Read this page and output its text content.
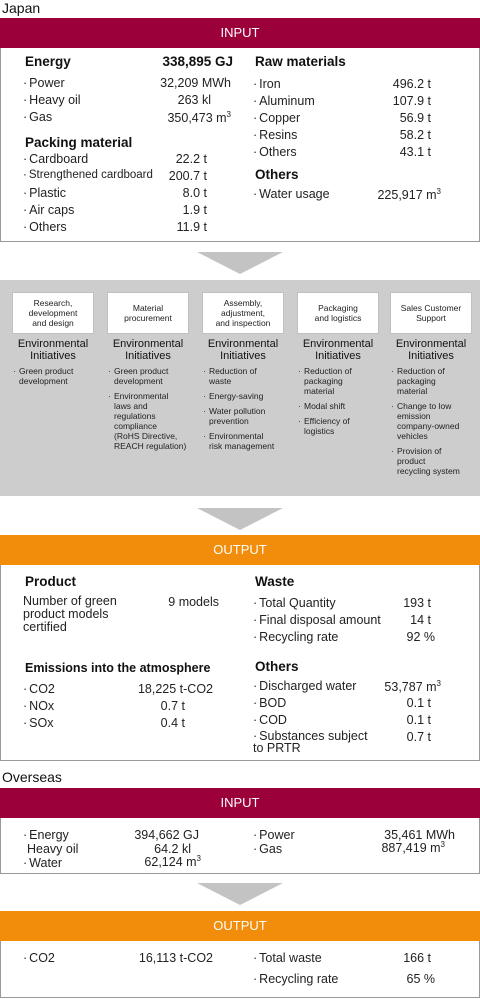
Japan
INPUT
Energy	338,895 GJ
· Power	32,209 MWh
· Heavy oil	263 kl
· Gas	350,473 $m^3$
Packing material
· Cardboard	22.2 t
· Strengthened cardboard	200.7 t
· Plastic	8.0 t
· Air caps	1.9 t
· Others	11.9 t
Raw materials
· Iron	496.2 t
· Aluminum	107.9 t
· Copper	56.9 t
· Resins	58.2 t
· Others	43.1 t
Others
· Water usage	225,917 $m^3$
Research,
development
and design
Environmental
Initiatives
· Green product
development
Material
procurement
Environmental
Initiatives
· Green product
development
· Environmental
laws and
regulations
compliance
(RoHS Directive,
REACH regulation)
Assembly,
adjustment,
and inspection
Environmental
Initiatives
· Reduction of
waste
· Energy-saving
· Water pollution
prevention
· Environmental
risk management
Packaging
and logistics
Environmental
Initiatives
· Reduction of
packaging
material
· Modal shift
· Efficiency of
logistics
Sales Customer
Support
Environmental
Initiatives
· Reduction of
packaging
material
· Change to low
emission
company-owned
vehicles
· Provision of
product
recycling system
OUTPUT
Product
Number of green
product models
certified
9 models
Emissions into the atmosphere
· CO2	18,225 t-CO2
· NOx	0.7 t
· SOx	0.4 t
Waste
· Total Quantity	193 t
· Final disposal amount	14 t
· Recycling rate	92 %
Others
· Discharged water	53,787 $m^3$
· BOD	0.1 t
· COD	0.1 t
· Substances subject
to PRTR
0.7 t
Overseas
INPUT
· Energy	394,662 GJ
Heavy oil	64.2 kl
· Water	62,124 $m^3$
· Power	35,461 MWh
· Gas	887,419 $m^3$
OUTPUT
· CO2	16,113 t-CO2
·	Total waste	166 t
· Recycling rate	65 %
